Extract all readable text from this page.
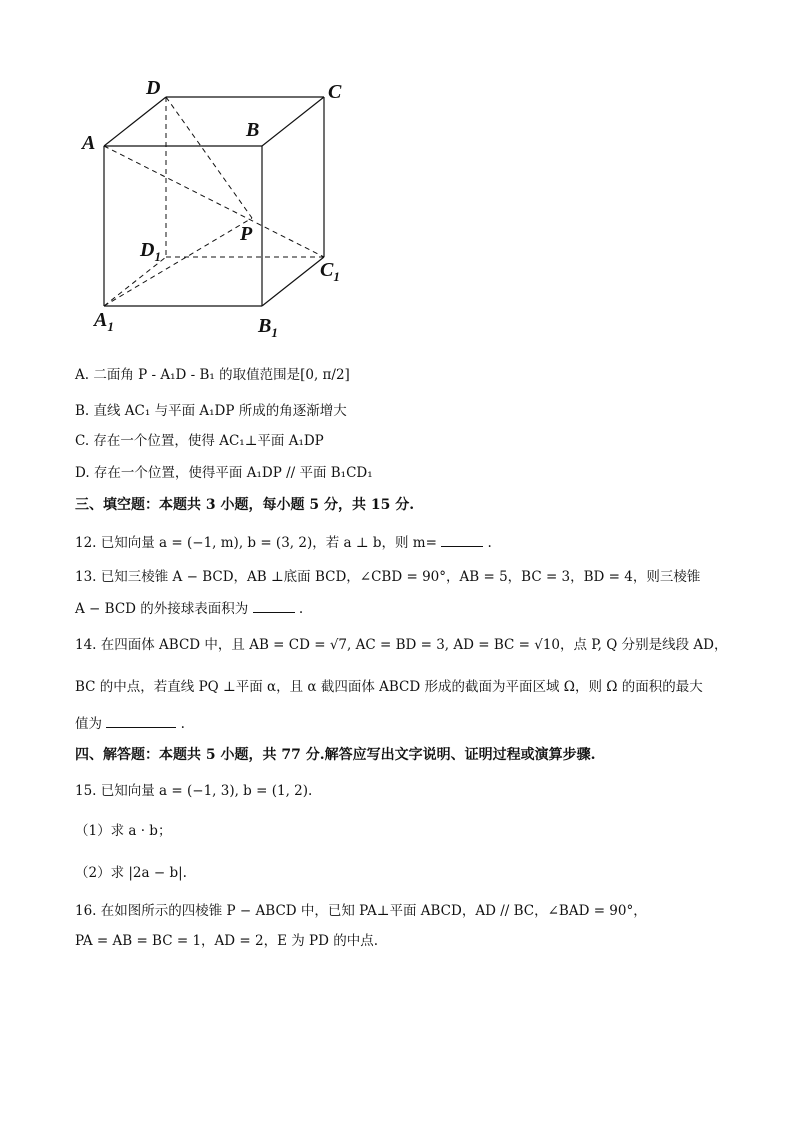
D	C
A
B
P
$D_1$
$C_1$
$A_1$	$B_1$
A. 二面角 P - A₁D - B₁ 的取值范围是[0, π/2]
B. 直线 AC₁ 与平面 A₁DP 所成的角逐渐增大
C. 存在一个位置，使得 AC₁⊥平面 A₁DP
D. 存在一个位置，使得平面 A₁DP // 平面 B₁CD₁
三、填空题：本题共 3 小题，每小题 5 分，共 15 分.
12. 已知向量 a = (−1, m), b = (3, 2)，若 a ⊥ b，则 m=	.
13. 已知三棱锥 A − BCD，AB ⊥底面 BCD，∠CBD = 90°，AB = 5，BC = 3，BD = 4，则三棱锥
A − BCD 的外接球表面积为	.
14. 在四面体 ABCD 中，且 AB = CD = √7, AC = BD = 3, AD = BC = √10，点 P, Q 分别是线段 AD，
BC 的中点，若直线 PQ ⊥平面 α，且 α 截四面体 ABCD 形成的截面为平面区域 Ω，则 Ω 的面积的最大
值为	.
四、解答题：本题共 5 小题，共 77 分.解答应写出文字说明、证明过程或演算步骤.
15. 已知向量 a = (−1, 3), b = (1, 2).
（1）求 a · b；
（2）求 |2a − b|.
16. 在如图所示的四棱锥 P − ABCD 中，已知 PA⊥平面 ABCD，AD // BC，∠BAD = 90°，
PA = AB = BC = 1，AD = 2，E 为 PD 的中点.
